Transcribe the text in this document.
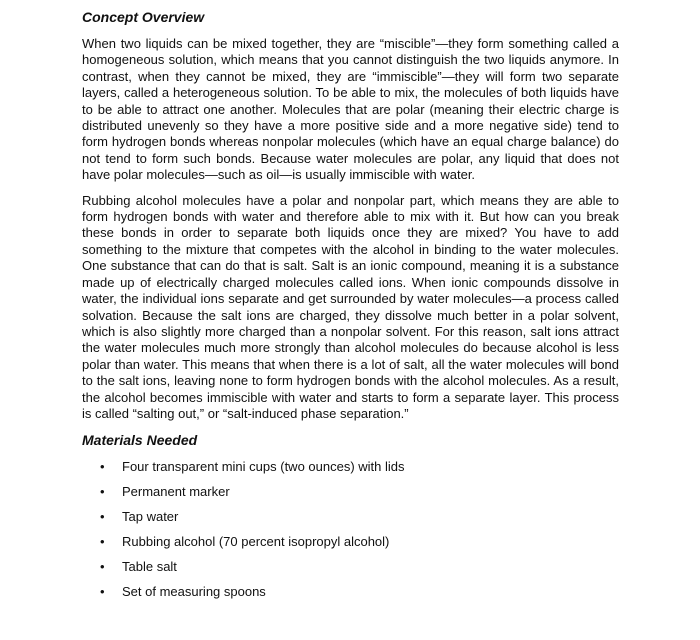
Concept Overview

When two liquids can be mixed together, they are “miscible”—they form something called a homogeneous solution, which means that you cannot distinguish the two liquids anymore. In contrast, when they cannot be mixed, they are “immiscible”—they will form two separate layers, called a heterogeneous solution. To be able to mix, the molecules of both liquids have to be able to attract one another. Molecules that are polar (meaning their electric charge is distributed unevenly so they have a more positive side and a more negative side) tend to form hydrogen bonds whereas nonpolar molecules (which have an equal charge balance) do not tend to form such bonds. Because water molecules are polar, any liquid that does not have polar molecules—such as oil—is usually immiscible with water.

Rubbing alcohol molecules have a polar and nonpolar part, which means they are able to form hydrogen bonds with water and therefore able to mix with it. But how can you break these bonds in order to separate both liquids once they are mixed? You have to add something to the mixture that competes with the alcohol in binding to the water molecules. One substance that can do that is salt. Salt is an ionic compound, meaning it is a substance made up of electrically charged molecules called ions. When ionic compounds dissolve in water, the individual ions separate and get surrounded by water molecules—a process called solvation. Because the salt ions are charged, they dissolve much better in a polar solvent, which is also slightly more charged than a nonpolar solvent. For this reason, salt ions attract the water molecules much more strongly than alcohol molecules do because alcohol is less polar than water. This means that when there is a lot of salt, all the water molecules will bond to the salt ions, leaving none to form hydrogen bonds with the alcohol molecules. As a result, the alcohol becomes immiscible with water and starts to form a separate layer. This process is called “salting out,” or “salt-induced phase separation.”

Materials Needed
• Four transparent mini cups (two ounces) with lids
• Permanent marker
• Tap water
• Rubbing alcohol (70 percent isopropyl alcohol)
• Table salt
• Set of measuring spoons
